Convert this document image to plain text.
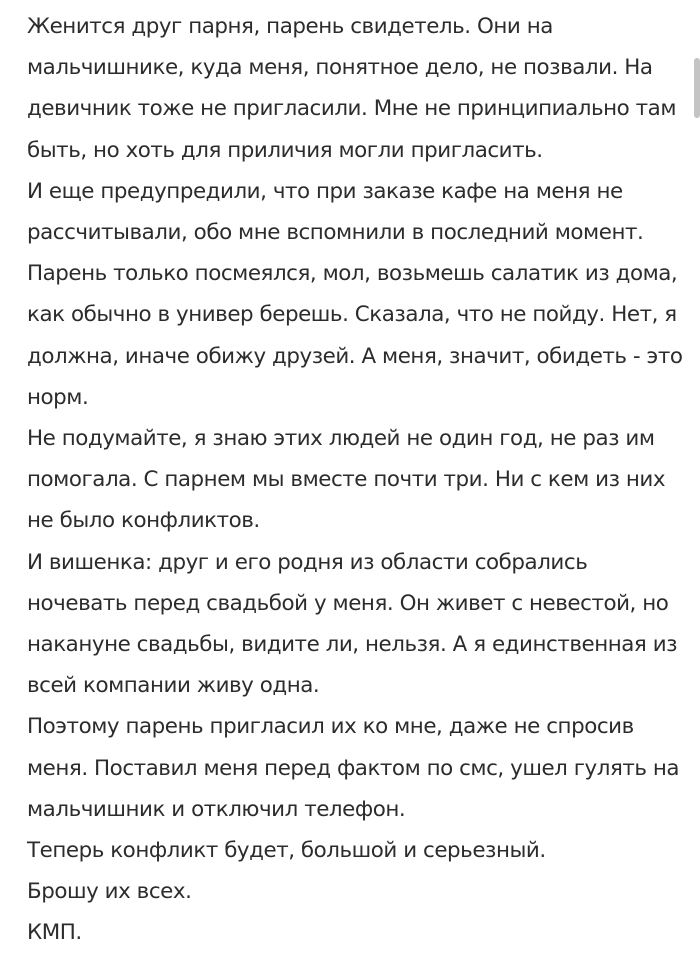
Женится друг парня, парень свидетель. Они на мальчишнике, куда меня, понятное дело, не позвали. На девичник тоже не пригласили. Мне не принципиально там быть, но хоть для приличия могли пригласить.

И еще предупредили, что при заказе кафе на меня не рассчитывали, обо мне вспомнили в последний момент. Парень только посмеялся, мол, возьмешь салатик из дома, как обычно в универ берешь. Сказала, что не пойду. Нет, я должна, иначе обижу друзей. А меня, значит, обидеть - это норм.

Не подумайте, я знаю этих людей не один год, не раз им помогала. С парнем мы вместе почти три. Ни с кем из них не было конфликтов.

И вишенка: друг и его родня из области собрались ночевать перед свадьбой у меня. Он живет с невестой, но накануне свадьбы, видите ли, нельзя. А я единственная из всей компании живу одна.

Поэтому парень пригласил их ко мне, даже не спросив меня. Поставил меня перед фактом по смс, ушел гулять на мальчишник и отключил телефон.

Теперь конфликт будет, большой и серьезный.

Брошу их всех.

КМП.
